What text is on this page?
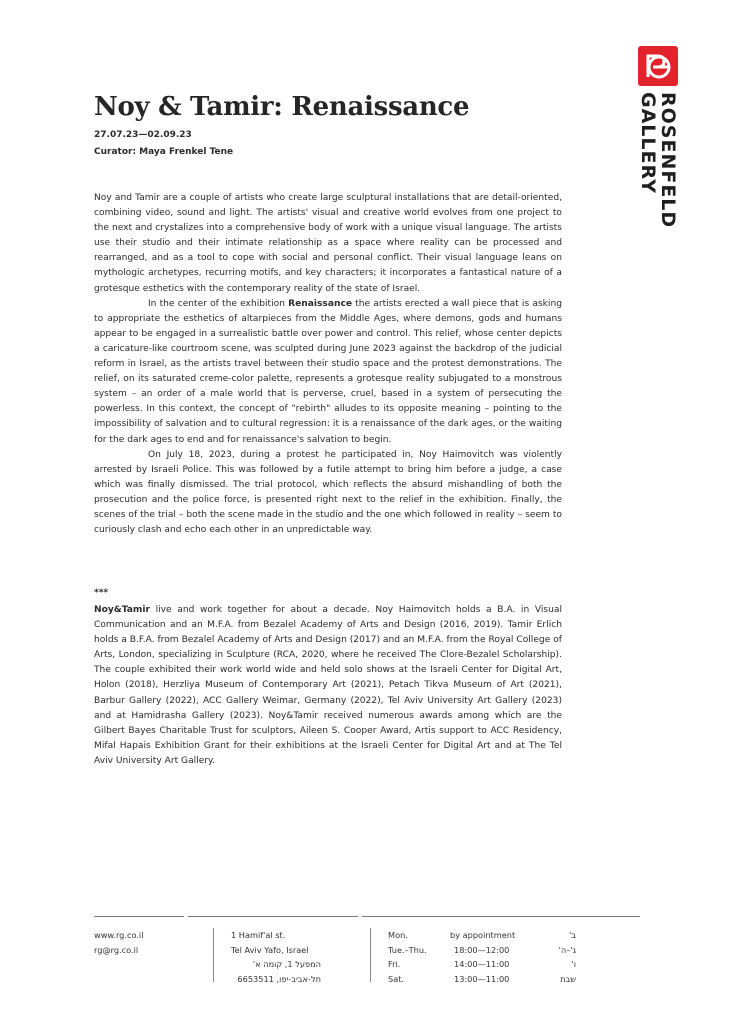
ROSENFELD
GALLERY
Noy & Tamir: Renaissance
27.07.23—02.09.23
Curator: Maya Frenkel Tene

Noy and Tamir are a couple of artists who create large sculptural installations that are detail-oriented, combining video, sound and light. The artists' visual and creative world evolves from one project to the next and crystalizes into a comprehensive body of work with a unique visual language. The artists use their studio and their intimate relationship as a space where reality can be processed and rearranged, and as a tool to cope with social and personal conflict. Their visual language leans on mythologic archetypes, recurring motifs, and key characters; it incorporates a fantastical nature of a grotesque esthetics with the contemporary reality of the state of Israel.

In the center of the exhibition Renaissance the artists erected a wall piece that is asking to appropriate the esthetics of altarpieces from the Middle Ages, where demons, gods and humans appear to be engaged in a surrealistic battle over power and control. This relief, whose center depicts a caricature-like courtroom scene, was sculpted during June 2023 against the backdrop of the judicial reform in Israel, as the artists travel between their studio space and the protest demonstrations. The relief, on its saturated creme-color palette, represents a grotesque reality subjugated to a monstrous system – an order of a male world that is perverse, cruel, based in a system of persecuting the powerless. In this context, the concept of "rebirth" alludes to its opposite meaning – pointing to the impossibility of salvation and to cultural regression: it is a renaissance of the dark ages, or the waiting for the dark ages to end and for renaissance's salvation to begin.

On July 18, 2023, during a protest he participated in, Noy Haimovitch was violently arrested by Israeli Police. This was followed by a futile attempt to bring him before a judge, a case which was finally dismissed. The trial protocol, which reflects the absurd mishandling of both the prosecution and the police force, is presented right next to the relief in the exhibition. Finally, the scenes of the trial – both the scene made in the studio and the one which followed in reality – seem to curiously clash and echo each other in an unpredictable way.

***
Noy&Tamir live and work together for about a decade. Noy Haimovitch holds a B.A. in Visual Communication and an M.F.A. from Bezalel Academy of Arts and Design (2016, 2019). Tamir Erlich holds a B.F.A. from Bezalel Academy of Arts and Design (2017) and an M.F.A. from the Royal College of Arts, London, specializing in Sculpture (RCA, 2020, where he received The Clore-Bezalel Scholarship). The couple exhibited their work world wide and held solo shows at the Israeli Center for Digital Art, Holon (2018), Herzliya Museum of Contemporary Art (2021), Petach Tikva Museum of Art (2021), Barbur Gallery (2022), ACC Gallery Weimar, Germany (2022), Tel Aviv University Art Gallery (2023) and at Hamidrasha Gallery (2023). Noy&Tamir received numerous awards among which are the Gilbert Bayes Charitable Trust for sculptors, Aileen S. Cooper Award, Artis support to ACC Residency, Mifal Hapais Exhibition Grant for their exhibitions at the Israeli Center for Digital Art and at The Tel Aviv University Art Gallery.
www.rg.co.il
rg@rg.co.il
1 Hamif'al st.
Tel Aviv Yafo, Israel
המפעל 1, קומה א'
תל-אביב-יפו, 6653511
Mon.	by appointment	ב'
Tue.–Thu.	18:00—12:00	ג'–ה'
Fri.	14:00—11:00	ו'
Sat.	13:00—11:00	שבת
